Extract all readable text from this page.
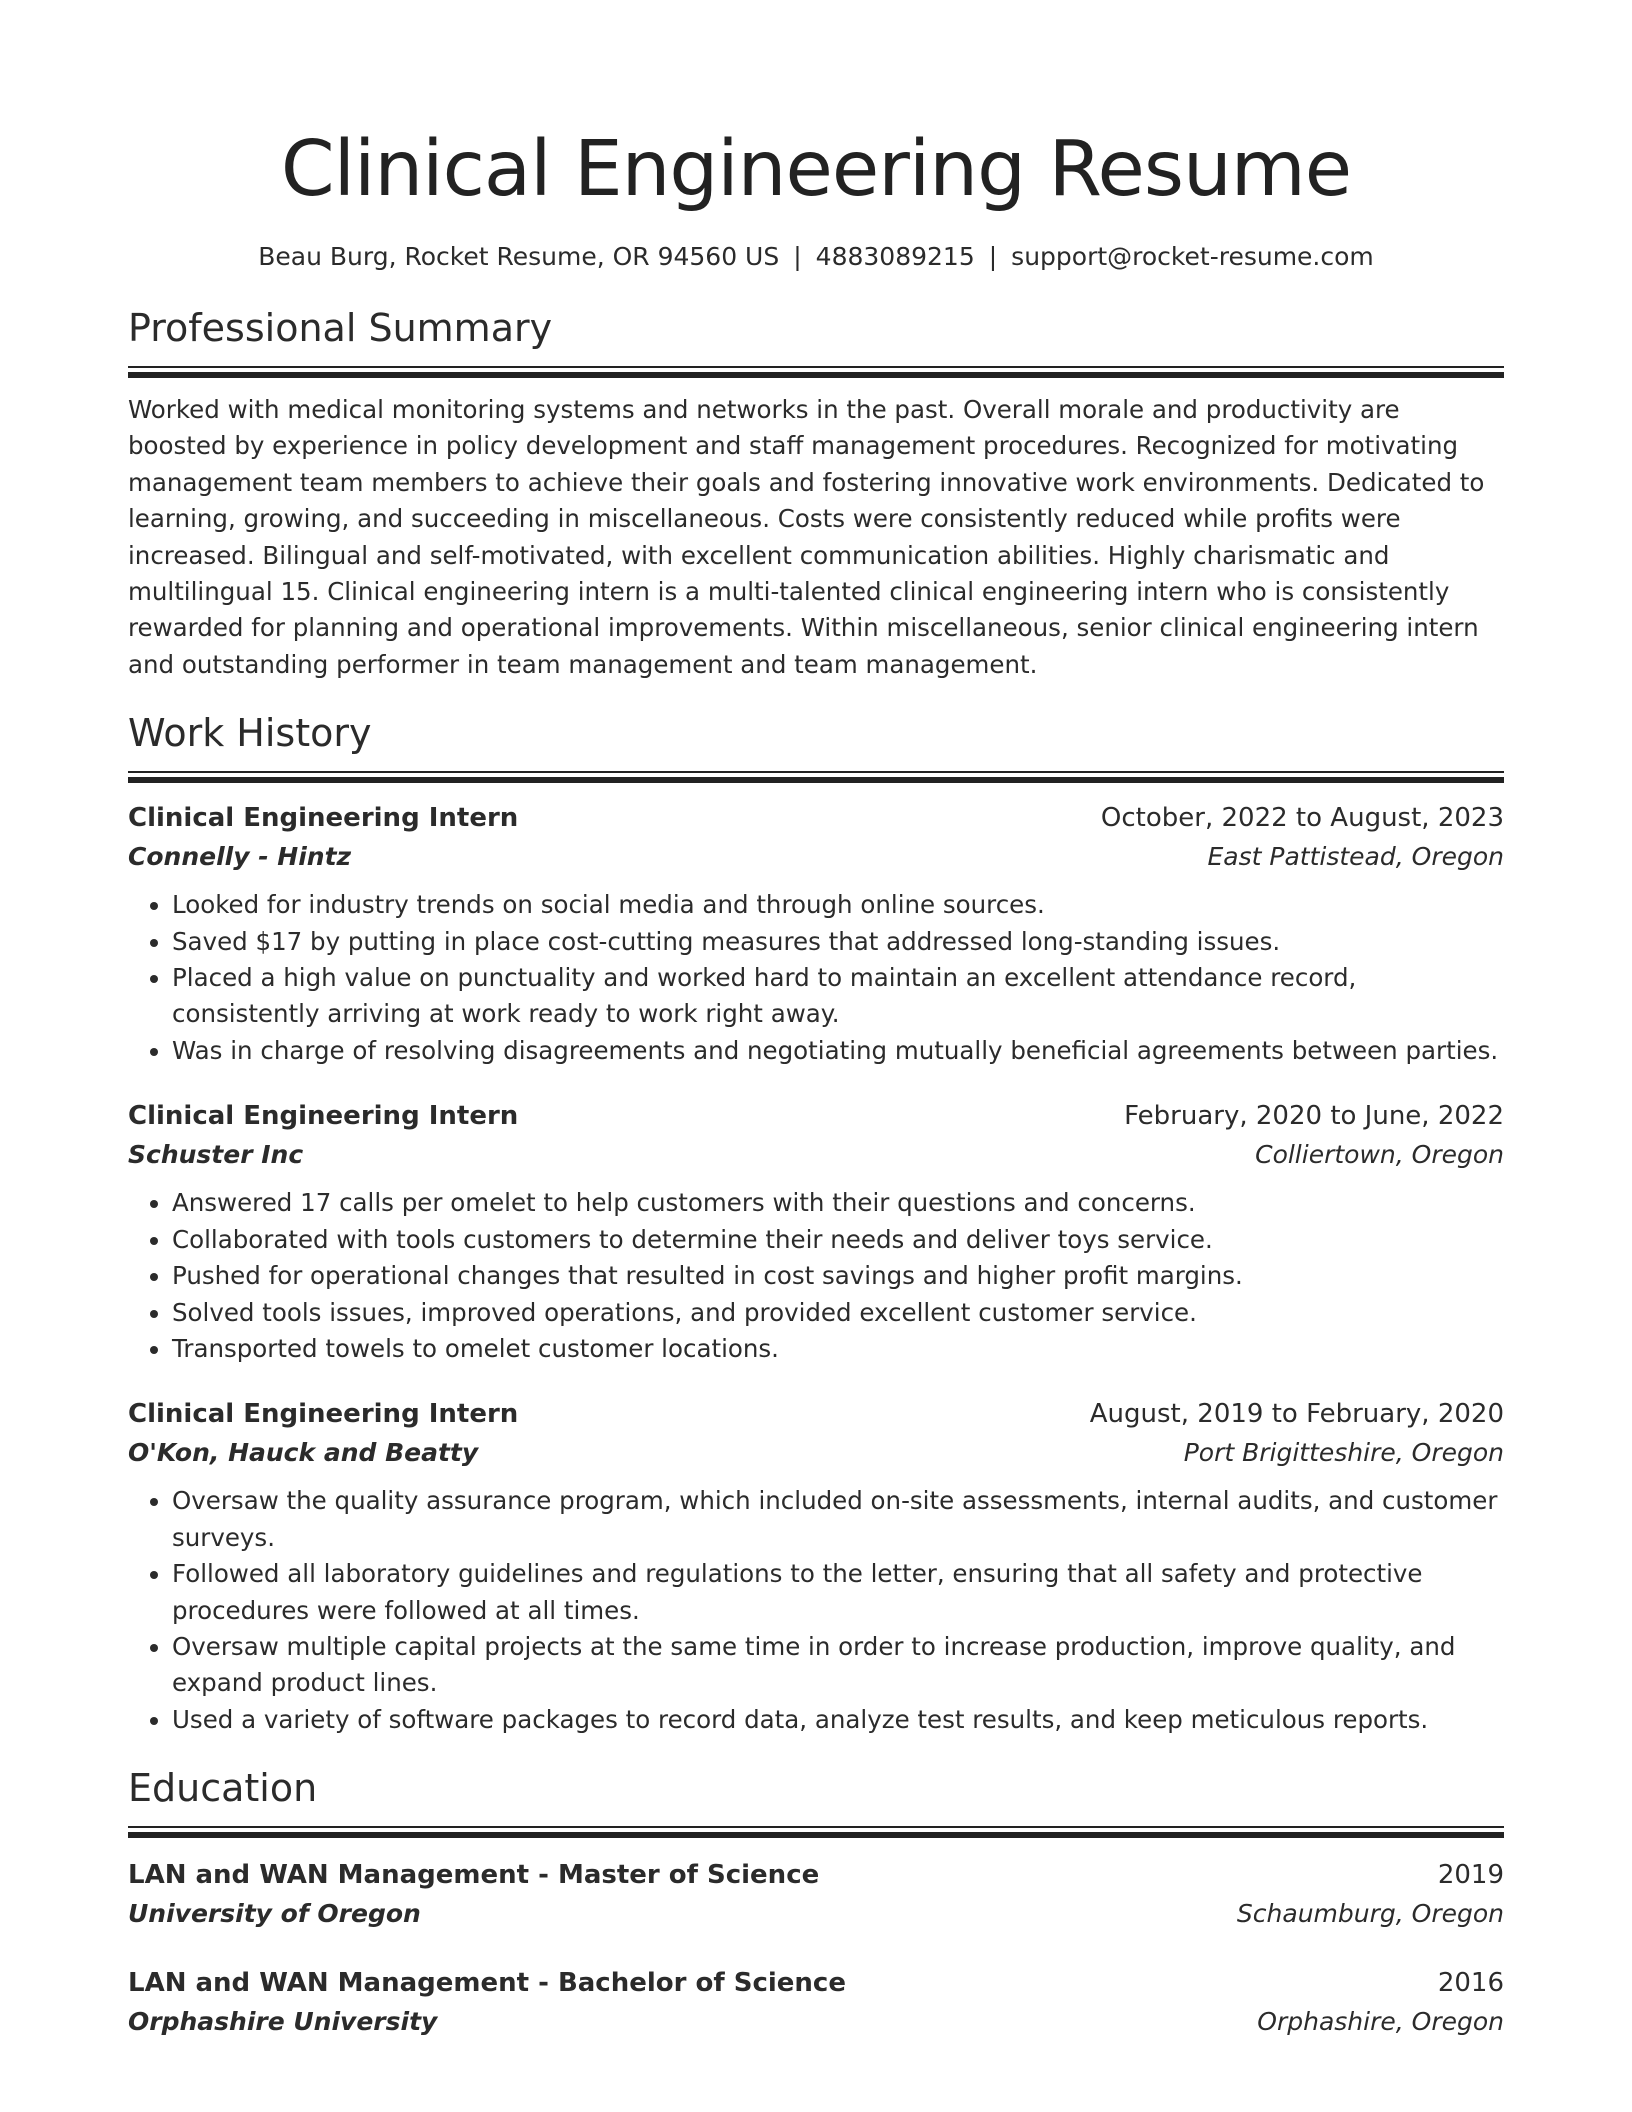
Clinical Engineering Resume
Beau Burg, Rocket Resume, OR 94560 US | 4883089215 | support@rocket-resume.com
Professional Summary

Worked with medical monitoring systems and networks in the past. Overall morale and productivity are boosted by experience in policy development and staff management procedures. Recognized for motivating management team members to achieve their goals and fostering innovative work environments. Dedicated to learning, growing, and succeeding in miscellaneous. Costs were consistently reduced while profits were increased. Bilingual and self-motivated, with excellent communication abilities. Highly charismatic and multilingual 15. Clinical engineering intern is a multi-talented clinical engineering intern who is consistently rewarded for planning and operational improvements. Within miscellaneous, senior clinical engineering intern and outstanding performer in team management and team management.

Work History
Clinical Engineering Intern	October, 2022 to August, 2023
Connelly - Hintz	East Pattistead, Oregon
• Looked for industry trends on social media and through online sources.
• Saved $17 by putting in place cost-cutting measures that addressed long-standing issues.
• Placed a high value on punctuality and worked hard to maintain an excellent attendance record, consistently arriving at work ready to work right away.
• Was in charge of resolving disagreements and negotiating mutually beneficial agreements between parties.
Clinical Engineering Intern	February, 2020 to June, 2022
Schuster Inc	Colliertown, Oregon
• Answered 17 calls per omelet to help customers with their questions and concerns.
• Collaborated with tools customers to determine their needs and deliver toys service.
• Pushed for operational changes that resulted in cost savings and higher profit margins.
• Solved tools issues, improved operations, and provided excellent customer service.
• Transported towels to omelet customer locations.
Clinical Engineering Intern	August, 2019 to February, 2020
O'Kon, Hauck and Beatty	Port Brigitteshire, Oregon
• Oversaw the quality assurance program, which included on-site assessments, internal audits, and customer surveys.
• Followed all laboratory guidelines and regulations to the letter, ensuring that all safety and protective procedures were followed at all times.
• Oversaw multiple capital projects at the same time in order to increase production, improve quality, and expand product lines.
• Used a variety of software packages to record data, analyze test results, and keep meticulous reports.
Education
LAN and WAN Management - Master of Science	2019
University of Oregon	Schaumburg, Oregon
LAN and WAN Management - Bachelor of Science	2016
Orphashire University	Orphashire, Oregon
